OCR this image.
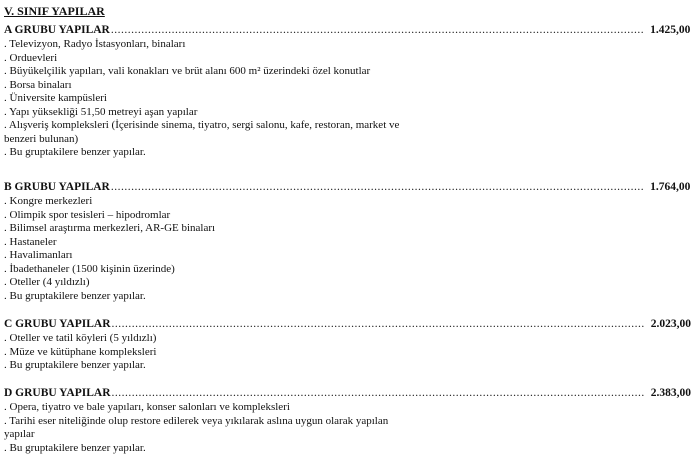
V. SINIF YAPILAR
A GRUBU YAPILAR .............................................................................................................................................................. 1.425,00

. Televizyon, Radyo İstasyonları, binaları

. Orduevleri

. Büyükelçilik yapıları, vali konakları ve brüt alanı 600 m² üzerindeki özel konutlar

. Borsa binaları

. Üniversite kampüsleri

. Yapı yüksekliği 51,50 metreyi aşan yapılar

. Alışveriş kompleksleri (İçerisinde sinema, tiyatro, sergi salonu, kafe, restoran, market ve benzeri bulunan)

. Bu gruptakilere benzer yapılar.

B GRUBU YAPILAR .............................................................................................................................................................. 1.764,00

. Kongre merkezleri

. Olimpik spor tesisleri – hipodromlar

. Bilimsel araştırma merkezleri, AR-GE binaları

. Hastaneler

. Havalimanları

. İbadethaneler (1500 kişinin üzerinde)

. Oteller (4 yıldızlı)

. Bu gruptakilere benzer yapılar.

C GRUBU YAPILAR .............................................................................................................................................................. 2.023,00

. Oteller ve tatil köyleri (5 yıldızlı)

. Müze ve kütüphane kompleksleri

. Bu gruptakilere benzer yapılar.

D GRUBU YAPILAR .............................................................................................................................................................. 2.383,00

. Opera, tiyatro ve bale yapıları, konser salonları ve kompleksleri

. Tarihi eser niteliğinde olup restore edilerek veya yıkılarak aslına uygun olarak yapılan yapılar

. Bu gruptakilere benzer yapılar.
